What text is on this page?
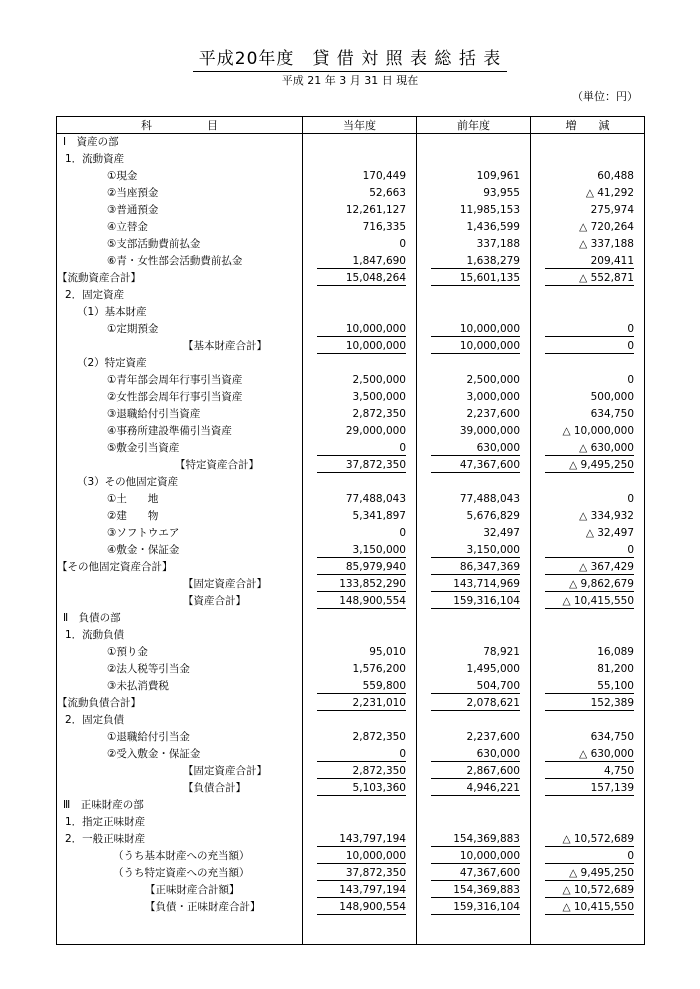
平成20年度　貸 借 対 照 表 総 括 表
平成 21 年 3 月 31 日 現在
（単位：円）
科　　　　　目	当年度	前年度	増　　減
Ⅰ　資産の部			
1．流動資産			
①現金	170,449	109,961	60,488
②当座預金	52,663	93,955	△ 41,292
③普通預金	12,261,127	11,985,153	275,974
④立替金	716,335	1,436,599	△ 720,264
⑤支部活動費前払金	0	337,188	△ 337,188
⑥青・女性部会活動費前払金	1,847,690	1,638,279	209,411
【流動資産合計】	15,048,264	15,601,135	△ 552,871
2．固定資産			
（1）基本財産			
①定期預金	10,000,000	10,000,000	0
【基本財産合計】	10,000,000	10,000,000	0
（2）特定資産			
①青年部会周年行事引当資産	2,500,000	2,500,000	0
②女性部会周年行事引当資産	3,500,000	3,000,000	500,000
③退職給付引当資産	2,872,350	2,237,600	634,750
④事務所建設準備引当資産	29,000,000	39,000,000	△ 10,000,000
⑤敷金引当資産	0	630,000	△ 630,000
【特定資産合計】	37,872,350	47,367,600	△ 9,495,250
（3）その他固定資産			
①土　　地	77,488,043	77,488,043	0
②建　　物	5,341,897	5,676,829	△ 334,932
③ソフトウエア	0	32,497	△ 32,497
④敷金・保証金	3,150,000	3,150,000	0
【その他固定資産合計】	85,979,940	86,347,369	△ 367,429
【固定資産合計】	133,852,290	143,714,969	△ 9,862,679
【資産合計】	148,900,554	159,316,104	△ 10,415,550
Ⅱ　負債の部			
1．流動負債			
①預り金	95,010	78,921	16,089
②法人税等引当金	1,576,200	1,495,000	81,200
③未払消費税	559,800	504,700	55,100
【流動負債合計】	2,231,010	2,078,621	152,389
2．固定負債			
①退職給付引当金	2,872,350	2,237,600	634,750
②受入敷金・保証金	0	630,000	△ 630,000
【固定資産合計】	2,872,350	2,867,600	4,750
【負債合計】	5,103,360	4,946,221	157,139
Ⅲ　正味財産の部			
1．指定正味財産			
2．一般正味財産	143,797,194	154,369,883	△ 10,572,689
（うち基本財産への充当額）	10,000,000	10,000,000	0
（うち特定資産への充当額）	37,872,350	47,367,600	△ 9,495,250
【正味財産合計額】	143,797,194	154,369,883	△ 10,572,689
【負債・正味財産合計】	148,900,554	159,316,104	△ 10,415,550
